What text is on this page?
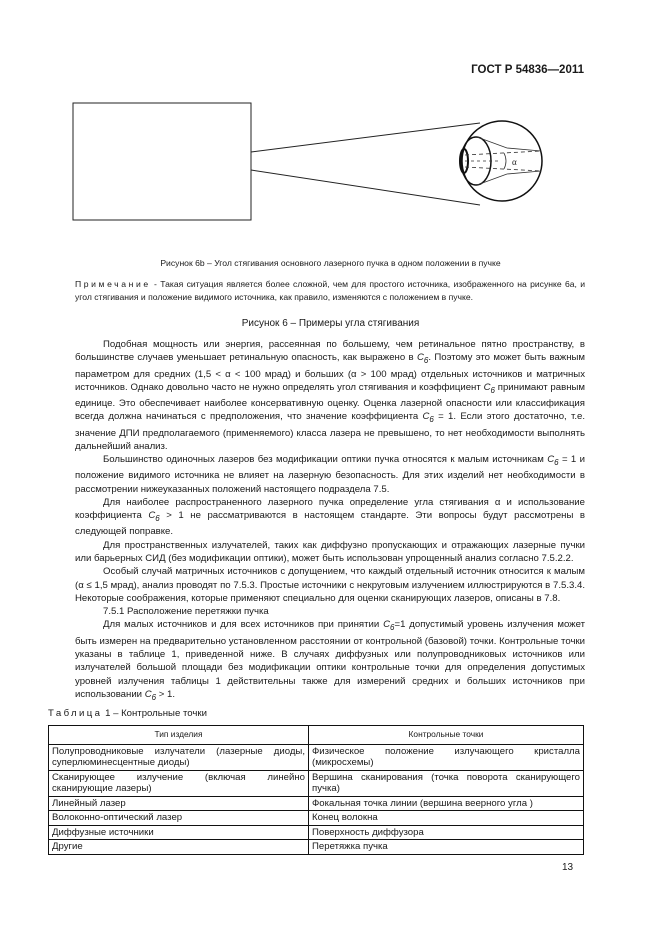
ГОСТ Р 54836—2011
α
Рисунок 6b – Угол стягивания основного лазерного пучка в одном положении в пучке
Примечание - Такая ситуация является более сложной, чем для простого источника, изображенного на рисунке 6а, и угол стягивания и положение видимого источника, как правило, изменяются с положением в пучке.
Рисунок 6 – Примеры угла стягивания

Подобная мощность или энергия, рассеянная по большему, чем ретинальное пятно пространству, в большинстве случаев уменьшает ретинальную опасность, как выражено в $C_6$. Поэтому это может быть важным параметром для средних (1,5 < α < 100 мрад) и больших (α > 100 мрад) отдельных источников и матричных источников. Однако довольно часто не нужно определять угол стягивания и коэффициент $C_6$ принимают равным единице. Это обеспечивает наиболее консервативную оценку. Оценка лазерной опасности или классификация всегда должна начинаться с предположения, что значение коэффициента $C_6 = 1$. Если этого достаточно, т.е. значение ДПИ предполагаемого (применяемого) класса лазера не превышено, то нет необходимости выполнять дальнейший анализ.

Большинство одиночных лазеров без модификации оптики пучка относятся к малым источникам $C_6 = 1$ и положение видимого источника не влияет на лазерную безопасность. Для этих изделий нет необходимости в рассмотрении нижеуказанных положений настоящего подраздела 7.5.

Для наиболее распространенного лазерного пучка определение угла стягивания α и использование коэффициента $C_6 > 1$ не рассматриваются в настоящем стандарте. Эти вопросы будут рассмотрены в следующей поправке.

Для пространственных излучателей, таких как диффузно пропускающих и отражающих лазерные пучки или барьерных СИД (без модификации оптики), может быть использован упрощенный анализ согласно 7.5.2.2.

Особый случай матричных источников с допущением, что каждый отдельный источник относится к малым (α ≤ 1,5 мрад), анализ проводят по 7.5.3. Простые источники с некруговым излучением иллюстрируются в 7.5.3.4. Некоторые соображения, которые применяют специально для оценки сканирующих лазеров, описаны в 7.8.

7.5.1 Расположение перетяжки пучка

Для малых источников и для всех источников при принятии $C_6=1$ допустимый уровень излучения может быть измерен на предварительно установленном расстоянии от контрольной (базовой) точки. Контрольные точки указаны в таблице 1, приведенной ниже. В случаях диффузных или полупроводниковых источников или излучателей большой площади без модификации оптики контрольные точки для определения допустимых уровней излучения таблицы 1 действительны также для измерений средних и больших источников при использовании $C_6 > 1$.

Таблица 1 – Контрольные точки
Тип изделия	Контрольные точки
Полупроводниковые излучатели (лазерные диоды, суперлюминесцентные диоды)	Физическое положение излучающего кристалла (микросхемы)
Сканирующее излучение (включая линейно сканирующие лазеры)	Вершина сканирования (точка поворота сканирующего пучка)
Линейный лазер	Фокальная точка линии (вершина веерного угла )
Волоконно-оптический лазер	Конец волокна
Диффузные источники	Поверхность диффузора
Другие	Перетяжка пучка
13
